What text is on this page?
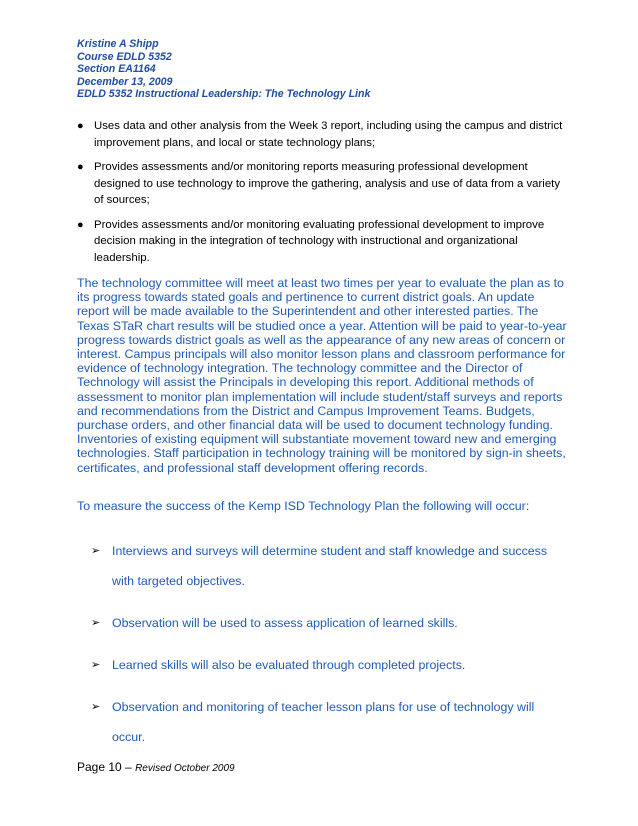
Kristine A Shipp
Course EDLD 5352
Section EA1164
December 13, 2009
EDLD 5352 Instructional Leadership: The Technology Link
● Uses data and other analysis from the Week 3 report, including using the campus and district improvement plans, and local or state technology plans;
● Provides assessments and/or monitoring reports measuring professional development designed to use technology to improve the gathering, analysis and use of data from a variety of sources;
● Provides assessments and/or monitoring evaluating professional development to improve decision making in the integration of technology with instructional and organizational leadership.

The technology committee will meet at least two times per year to evaluate the plan as to its progress towards stated goals and pertinence to current district goals. An update report will be made available to the Superintendent and other interested parties. The Texas STaR chart results will be studied once a year. Attention will be paid to year-to-year progress towards district goals as well as the appearance of any new areas of concern or interest. Campus principals will also monitor lesson plans and classroom performance for evidence of technology integration. The technology committee and the Director of Technology will assist the Principals in developing this report. Additional methods of assessment to monitor plan implementation will include student/staff surveys and reports and recommendations from the District and Campus Improvement Teams. Budgets, purchase orders, and other financial data will be used to document technology funding. Inventories of existing equipment will substantiate movement toward new and emerging technologies. Staff participation in technology training will be monitored by sign-in sheets, certificates, and professional staff development offering records.

To measure the success of the Kemp ISD Technology Plan the following will occur:

➢ Interviews and surveys will determine student and staff knowledge and success with targeted objectives.
➢ Observation will be used to assess application of learned skills.
➢ Learned skills will also be evaluated through completed projects.
➢ Observation and monitoring of teacher lesson plans for use of technology will occur.
Page 10 – Revised October 2009
